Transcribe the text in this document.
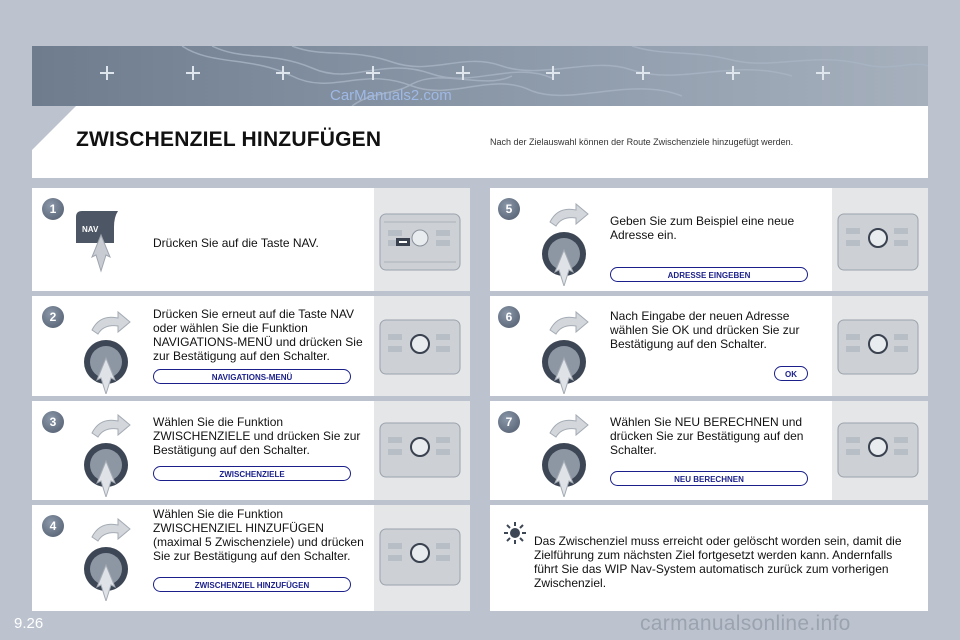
CarManuals2.com
ZWISCHENZIEL HINZUFÜGEN	Nach der Zielauswahl können der Route Zwischenziele hinzugefügt werden.
1
NAV
Drücken Sie auf die Taste NAV.
2	Drücken Sie erneut auf die Taste NAV oder wählen Sie die Funktion NAVIGATIONS-MENÜ und drücken Sie zur Bestätigung auf den Schalter.
NAVIGATIONS-MENÜ
3	Wählen Sie die Funktion ZWISCHENZIELE und drücken Sie zur Bestätigung auf den Schalter.
ZWISCHENZIELE
4
Wählen Sie die Funktion ZWISCHENZIEL HINZUFÜGEN (maximal 5 Zwischenziele) und drücken Sie zur Bestätigung auf den Schalter.
ZWISCHENZIEL HINZUFÜGEN
5
Geben Sie zum Beispiel eine neue Adresse ein.
ADRESSE EINGEBEN
6	Nach Eingabe der neuen Adresse wählen Sie OK und drücken Sie zur Bestätigung auf den Schalter.
OK
7	Wählen Sie NEU BERECHNEN und drücken Sie zur Bestätigung auf den Schalter.
NEU BERECHNEN
Das Zwischenziel muss erreicht oder gelöscht worden sein, damit die Zielführung zum nächsten Ziel fortgesetzt werden kann. Andernfalls führt Sie das WIP Nav-System automatisch zurück zum vorherigen Zwischenziel.
9.26	carmanualsonline.info
